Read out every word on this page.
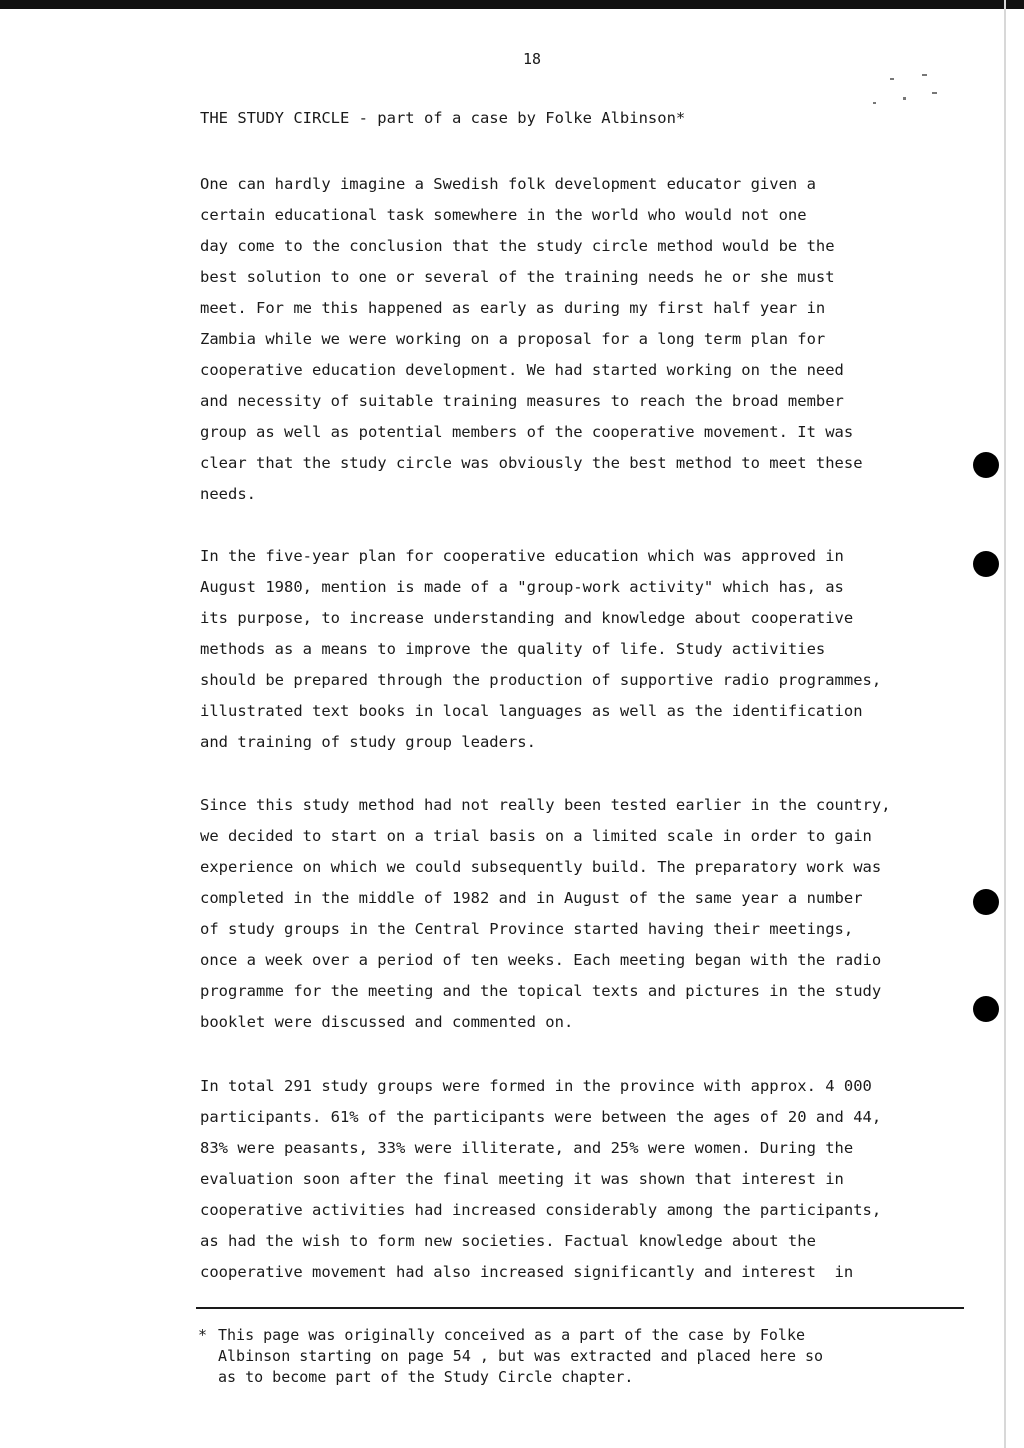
18
THE STUDY CIRCLE - part of a case by Folke Albinson*
One can hardly imagine a Swedish folk development educator given a
certain educational task somewhere in the world who would not one
day come to the conclusion that the study circle method would be the
best solution to one or several of the training needs he or she must
meet. For me this happened as early as during my first half year in
Zambia while we were working on a proposal for a long term plan for
cooperative education development. We had started working on the need
and necessity of suitable training measures to reach the broad member
group as well as potential members of the cooperative movement. It was
clear that the study circle was obviously the best method to meet these
needs.
In the five-year plan for cooperative education which was approved in
August 1980, mention is made of a "group-work activity" which has, as
its purpose, to increase understanding and knowledge about cooperative
methods as a means to improve the quality of life. Study activities
should be prepared through the production of supportive radio programmes,
illustrated text books in local languages as well as the identification
and training of study group leaders.
Since this study method had not really been tested earlier in the country,
we decided to start on a trial basis on a limited scale in order to gain
experience on which we could subsequently build. The preparatory work was
completed in the middle of 1982 and in August of the same year a number
of study groups in the Central Province started having their meetings,
once a week over a period of ten weeks. Each meeting began with the radio
programme for the meeting and the topical texts and pictures in the study
booklet were discussed and commented on.
In total 291 study groups were formed in the province with approx. 4 000
participants. 61% of the participants were between the ages of 20 and 44,
83% were peasants, 33% were illiterate, and 25% were women. During the
evaluation soon after the final meeting it was shown that interest in
cooperative activities had increased considerably among the participants,
as had the wish to form new societies. Factual knowledge about the
cooperative movement had also increased significantly and interest  in
* This page was originally conceived as a part of the case by Folke
Albinson starting on page 54 , but was extracted and placed here so
as to become part of the Study Circle chapter.
